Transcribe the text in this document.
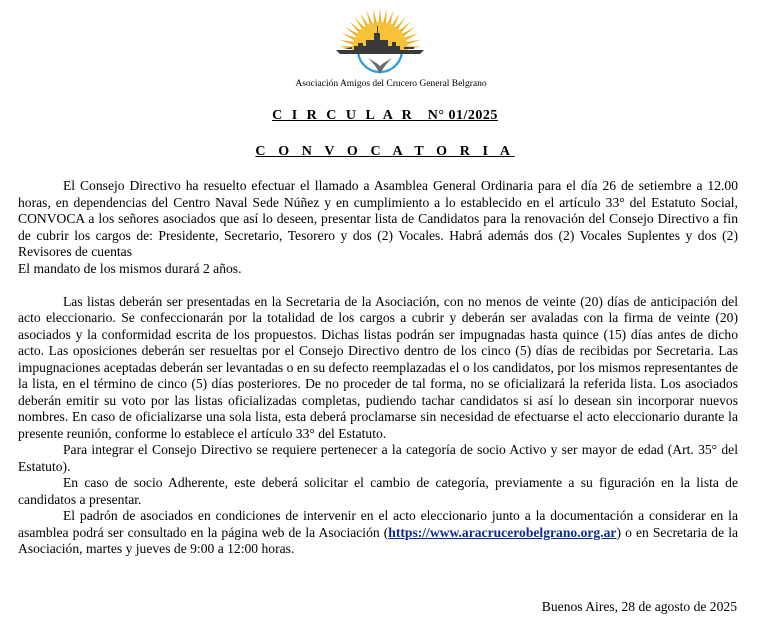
Asociación Amigos del Crucero General Belgrano
C I R C U L A R N° 01/2025
C O N V O C A T O R I A

El Consejo Directivo ha resuelto efectuar el llamado a Asamblea General Ordinaria para el día 26 de setiembre a 12.00 horas, en dependencias del Centro Naval Sede Núñez y en cumplimiento a lo establecido en el artículo 33° del Estatuto Social, CONVOCA a los señores asociados que así lo deseen, presentar lista de Candidatos para la renovación del Consejo Directivo a fin de cubrir los cargos de: Presidente, Secretario, Tesorero y dos (2) Vocales. Habrá además dos (2) Vocales Suplentes y dos (2) Revisores de cuentas

El mandato de los mismos durará 2 años.

Las listas deberán ser presentadas en la Secretaria de la Asociación, con no menos de veinte (20) días de anticipación del acto eleccionario. Se confeccionarán por la totalidad de los cargos a cubrir y deberán ser avaladas con la firma de veinte (20) asociados y la conformidad escrita de los propuestos. Dichas listas podrán ser impugnadas hasta quince (15) días antes de dicho acto. Las oposiciones deberán ser resueltas por el Consejo Directivo dentro de los cinco (5) días de recibidas por Secretaria. Las impugnaciones aceptadas deberán ser levantadas o en su defecto reemplazadas el o los candidatos, por los mismos representantes de la lista, en el término de cinco (5) días posteriores. De no proceder de tal forma, no se oficializará la referida lista. Los asociados deberán emitir su voto por las listas oficializadas completas, pudiendo tachar candidatos si así lo desean sin incorporar nuevos nombres. En caso de oficializarse una sola lista, esta deberá proclamarse sin necesidad de efectuarse el acto eleccionario durante la presente reunión, conforme lo establece el artículo 33° del Estatuto.

Para integrar el Consejo Directivo se requiere pertenecer a la categoría de socio Activo y ser mayor de edad (Art. 35° del Estatuto).

En caso de socio Adherente, este deberá solicitar el cambio de categoría, previamente a su figuración en la lista de candidatos a presentar.

El padrón de asociados en condiciones de intervenir en el acto eleccionario junto a la documentación a considerar en la asamblea podrá ser consultado en la página web de la Asociación (https://www.aracrucerobelgrano.org.ar) o en Secretaria de la Asociación, martes y jueves de 9:00 a 12:00 horas.

Buenos Aires, 28 de agosto de 2025
